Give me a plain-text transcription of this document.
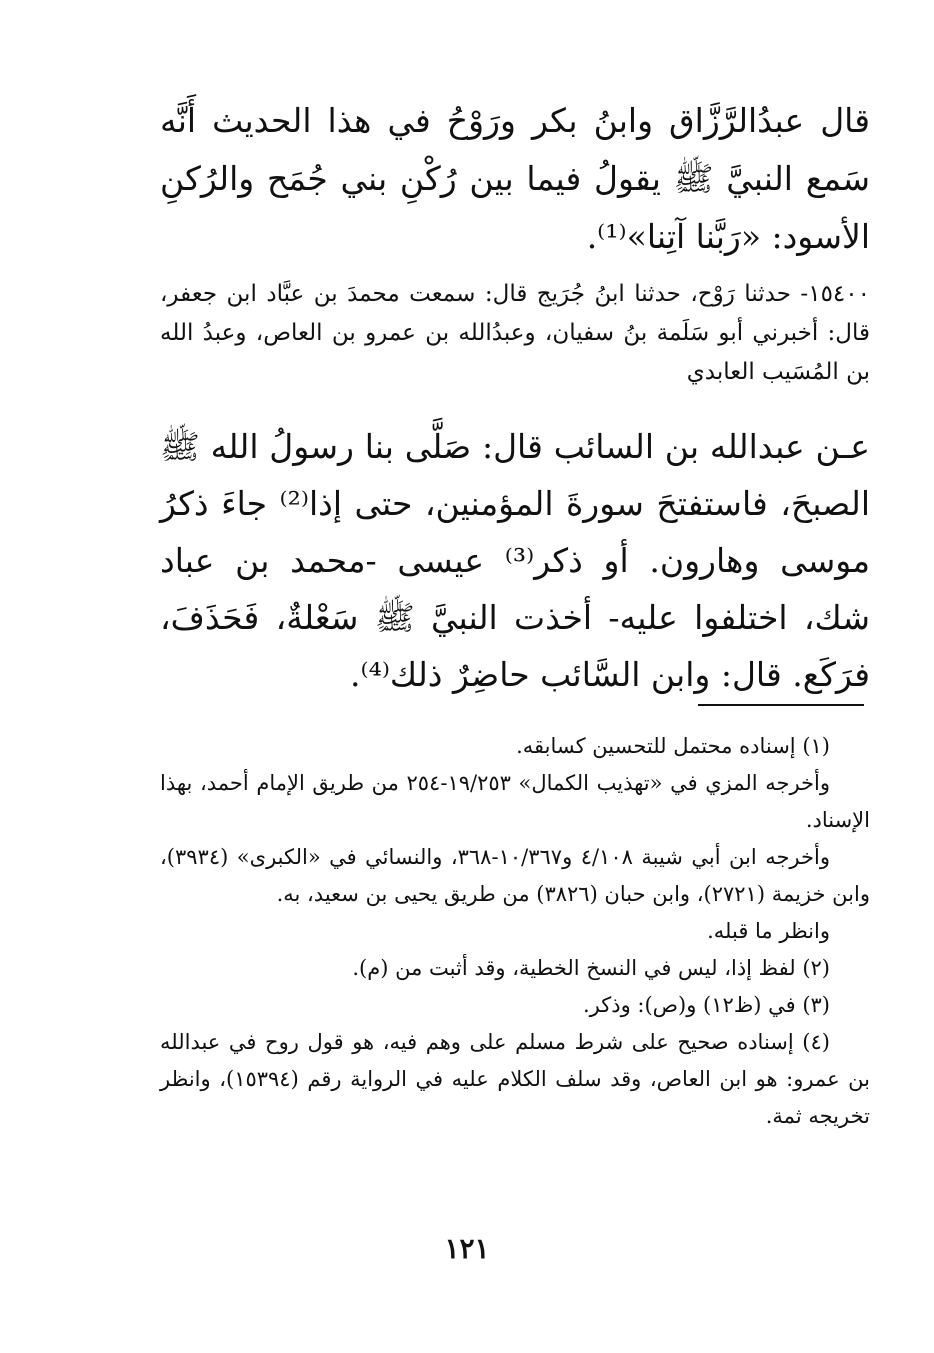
قال عبدُالرَّزَّاق وابنُ بكر ورَوْحُ في هذا الحديث أَنَّه سَمع النبيَّ ﷺ يقولُ فيما بين رُكْنِ بني جُمَح والرُكنِ الأسود: «رَبَّنا آتِنا»⁽¹⁾.
١٥٤٠٠- حدثنا رَوْح، حدثنا ابنُ جُرَيج قال: سمعت محمدَ بن عبَّاد ابن جعفر، قال: أخبرني أبو سَلَمة بنُ سفيان، وعبدُالله بن عمرو بن العاص، وعبدُ الله بن المُسَيب العابدي
عـن عبدالله بن السائب قال: صَلَّى بنا رسولُ الله ﷺ الصبحَ، فاستفتحَ سورةَ المؤمنين، حتى إذا⁽²⁾ جاءَ ذكرُ موسى وهارون. أو ذكر⁽³⁾ عيسى -محمد بن عباد شك، اختلفوا عليه- أخذت النبيَّ ﷺ سَعْلةٌ، فَحَذَفَ، فرَكَع. قال: وابن السَّائب حاضِرٌ ذلك⁽⁴⁾.

(١) إسناده محتمل للتحسين كسابقه.

وأخرجه المزي في «تهذيب الكمال» ١٩/٢٥٣-٢٥٤ من طريق الإمام أحمد، بهذا الإسناد.

وأخرجه ابن أبي شيبة ٤/١٠٨ و١٠/٣٦٧-٣٦٨، والنسائي في «الكبرى» (٣٩٣٤)، وابن خزيمة (٢٧٢١)، وابن حبان (٣٨٢٦) من طريق يحيى بن سعيد، به.

وانظر ما قبله.

(٢) لفظ إذا، ليس في النسخ الخطية، وقد أثبت من (م).

(٣) في (ظ١٢) و(ص): وذكر.

(٤) إسناده صحيح على شرط مسلم على وهم فيه، هو قول روح في عبدالله بن عمرو: هو ابن العاص، وقد سلف الكلام عليه في الرواية رقم (١٥٣٩٤)، وانظر تخريجه ثمة.

١٢١
